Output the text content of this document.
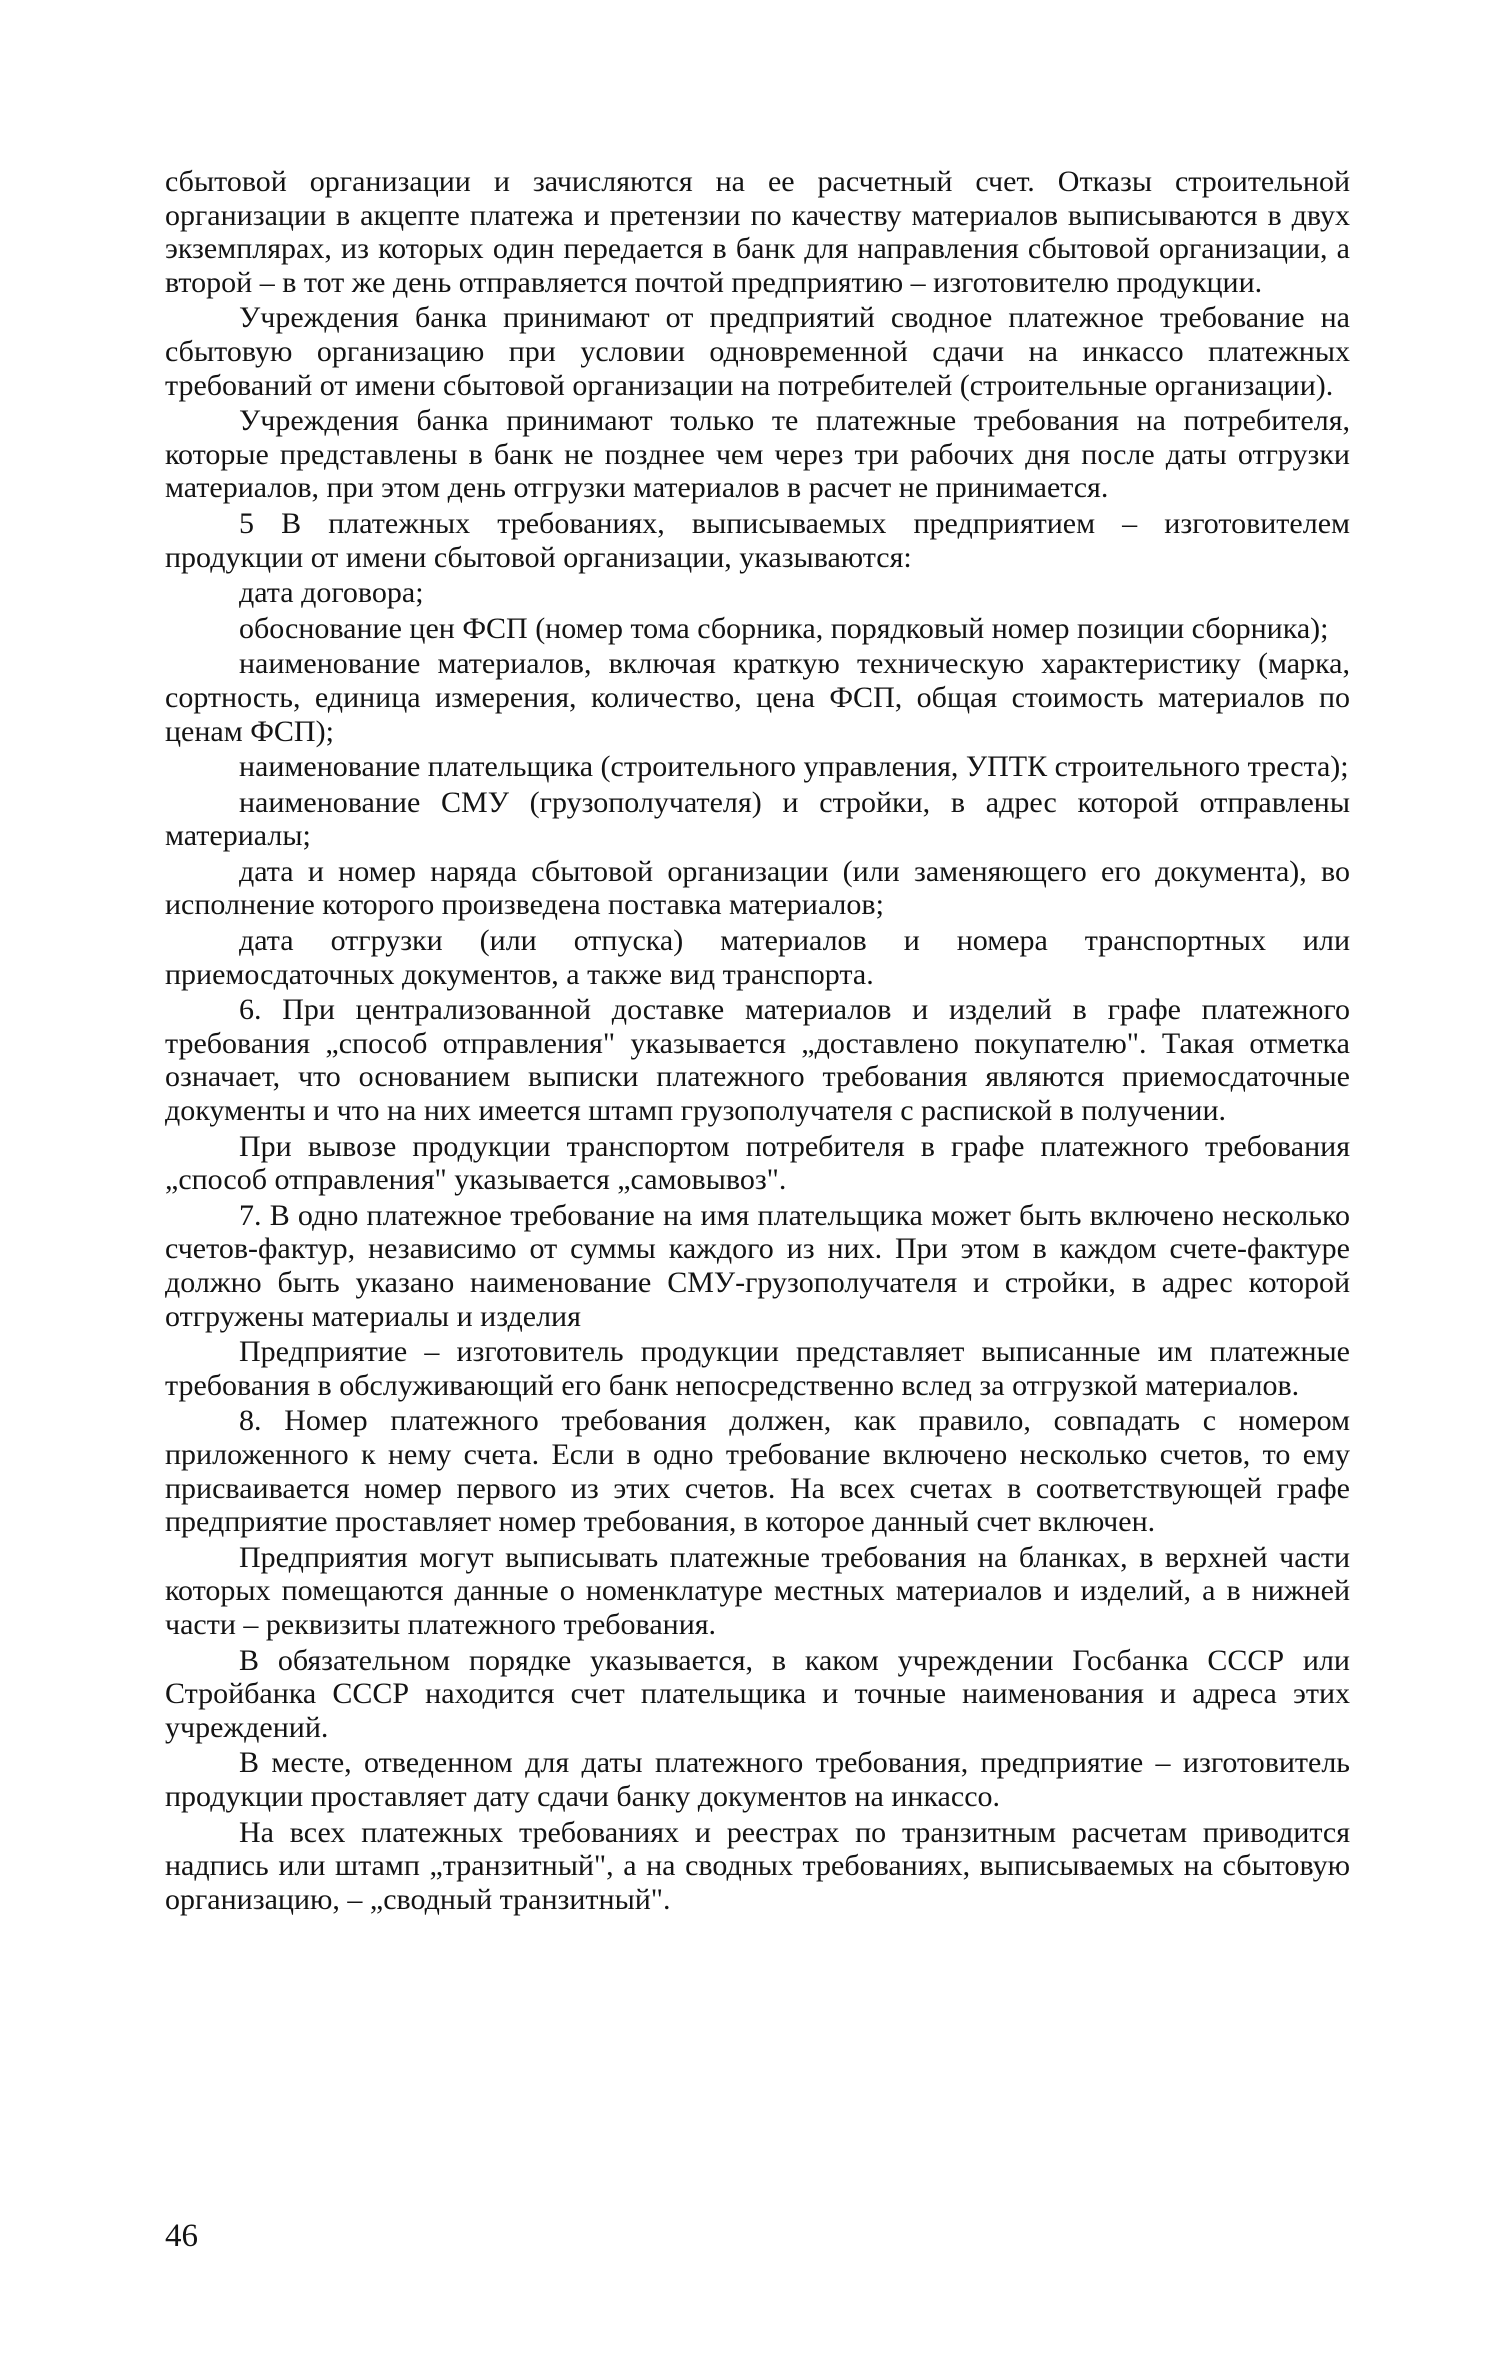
сбытовой организации и зачисляются на ее расчетный счет. Отказы строительной организации в акцепте платежа и претензии по качеству материалов выписываются в двух экземплярах, из которых один передается в банк для направления сбытовой организации, а второй – в тот же день отправляется почтой предприятию – изготовителю продукции.

Учреждения банка принимают от предприятий сводное платежное требование на сбытовую организацию при условии одновременной сдачи на инкассо платежных требований от имени сбытовой организации на потребителей (строительные организации).

Учреждения банка принимают только те платежные требования на потребителя, которые представлены в банк не позднее чем через три рабочих дня после даты отгрузки материалов, при этом день отгрузки материалов в расчет не принимается.

5 В платежных требованиях, выписываемых предприятием – изготовителем продукции от имени сбытовой организации, указываются:

дата договора;

обоснование цен ФСП (номер тома сборника, порядковый номер позиции сборника);

наименование материалов, включая краткую техническую характеристику (марка, сортность, единица измерения, количество, цена ФСП, общая стоимость материалов по ценам ФСП);

наименование плательщика (строительного управления, УПТК строительного треста);

наименование СМУ (грузополучателя) и стройки, в адрес которой отправлены материалы;

дата и номер наряда сбытовой организации (или заменяющего его документа), во исполнение которого произведена поставка материалов;

дата отгрузки (или отпуска) материалов и номера транспортных или приемосдаточных документов, а также вид транспорта.

6. При централизованной доставке материалов и изделий в графе платежного требования „способ отправления" указывается „доставлено покупателю". Такая отметка означает, что основанием выписки платежного требования являются приемосдаточные документы и что на них имеется штамп грузополучателя с распиской в получении.

При вывозе продукции транспортом потребителя в графе платежного требования „способ отправления" указывается „самовывоз".

7. В одно платежное требование на имя плательщика может быть включено несколько счетов-фактур, независимо от суммы каждого из них. При этом в каждом счете-фактуре должно быть указано наименование СМУ-грузополучателя и стройки, в адрес которой отгружены материалы и изделия

Предприятие – изготовитель продукции представляет выписанные им платежные требования в обслуживающий его банк непосредственно вслед за отгрузкой материалов.

8. Номер платежного требования должен, как правило, совпадать с номером приложенного к нему счета. Если в одно требование включено несколько счетов, то ему присваивается номер первого из этих счетов. На всех счетах в соответствующей графе предприятие проставляет номер требования, в которое данный счет включен.

Предприятия могут выписывать платежные требования на бланках, в верхней части которых помещаются данные о номенклатуре местных материалов и изделий, а в нижней части – реквизиты платежного требования.

В обязательном порядке указывается, в каком учреждении Госбанка СССР или Стройбанка СССР находится счет плательщика и точные наименования и адреса этих учреждений.

В месте, отведенном для даты платежного требования, предприятие – изготовитель продукции проставляет дату сдачи банку документов на инкассо.

На всех платежных требованиях и реестрах по транзитным расчетам приводится надпись или штамп „транзитный", а на сводных требованиях, выписываемых на сбытовую организацию, – „сводный транзитный".

46
